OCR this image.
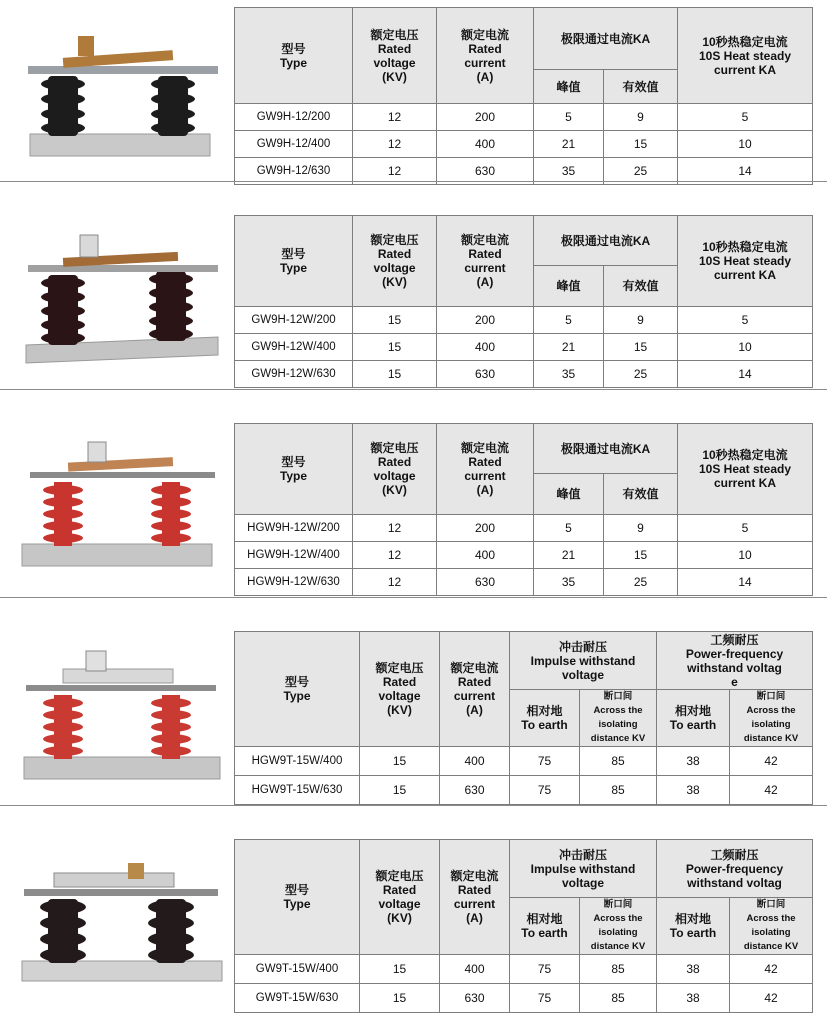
型号
Type	额定电压
Rated
voltage
(KV)	额定电流
Rated
current
(A)	极限通过电流KA		10秒热稳定电流
10S Heat steady
current KA

			峰值	有效值	
GW9H-12/200	12	200	5	9	5
GW9H-12/400	12	400	21	15	10
GW9H-12/630	12	630	35	25	14
型号
Type	额定电压
Rated
voltage
(KV)	额定电流
Rated
current
(A)	极限通过电流KA		10秒热稳定电流
10S Heat steady
current KA

			峰值	有效值	
GW9H-12W/200	15	200	5	9	5
GW9H-12W/400	15	400	21	15	10
GW9H-12W/630	15	630	35	25	14
型号
Type	额定电压
Rated
voltage
(KV)	额定电流
Rated
current
(A)	极限通过电流KA		10秒热稳定电流
10S Heat steady
current KA

			峰值	有效值	
HGW9H-12W/200	12	200	5	9	5
HGW9H-12W/400	12	400	21	15	10
HGW9H-12W/630	12	630	35	25	14
型号
Type	额定电压
Rated
voltage
(KV)	额定电流
Rated
current
(A)	冲击耐压
Impulse withstand
voltage		工频耐压
Power-frequency
withstand voltag
e	

			相对地
To earth	断口间
Across the
isolating
distance KV	相对地
To earth	断口间
Across the
isolating
distance KV

HGW9T-15W/400	15	400	75	85	38	42
HGW9T-15W/630	15	630	75	85	38	42
型号
Type	额定电压
Rated
voltage
(KV)	额定电流
Rated
current
(A)	冲击耐压
Impulse withstand
voltage		工频耐压
Power-frequency
withstand voltag	

			相对地
To earth	断口间
Across the
isolating
distance KV	相对地
To earth	断口间
Across the
isolating
distance KV

GW9T-15W/400	15	400	75	85	38	42
GW9T-15W/630	15	630	75	85	38	42
